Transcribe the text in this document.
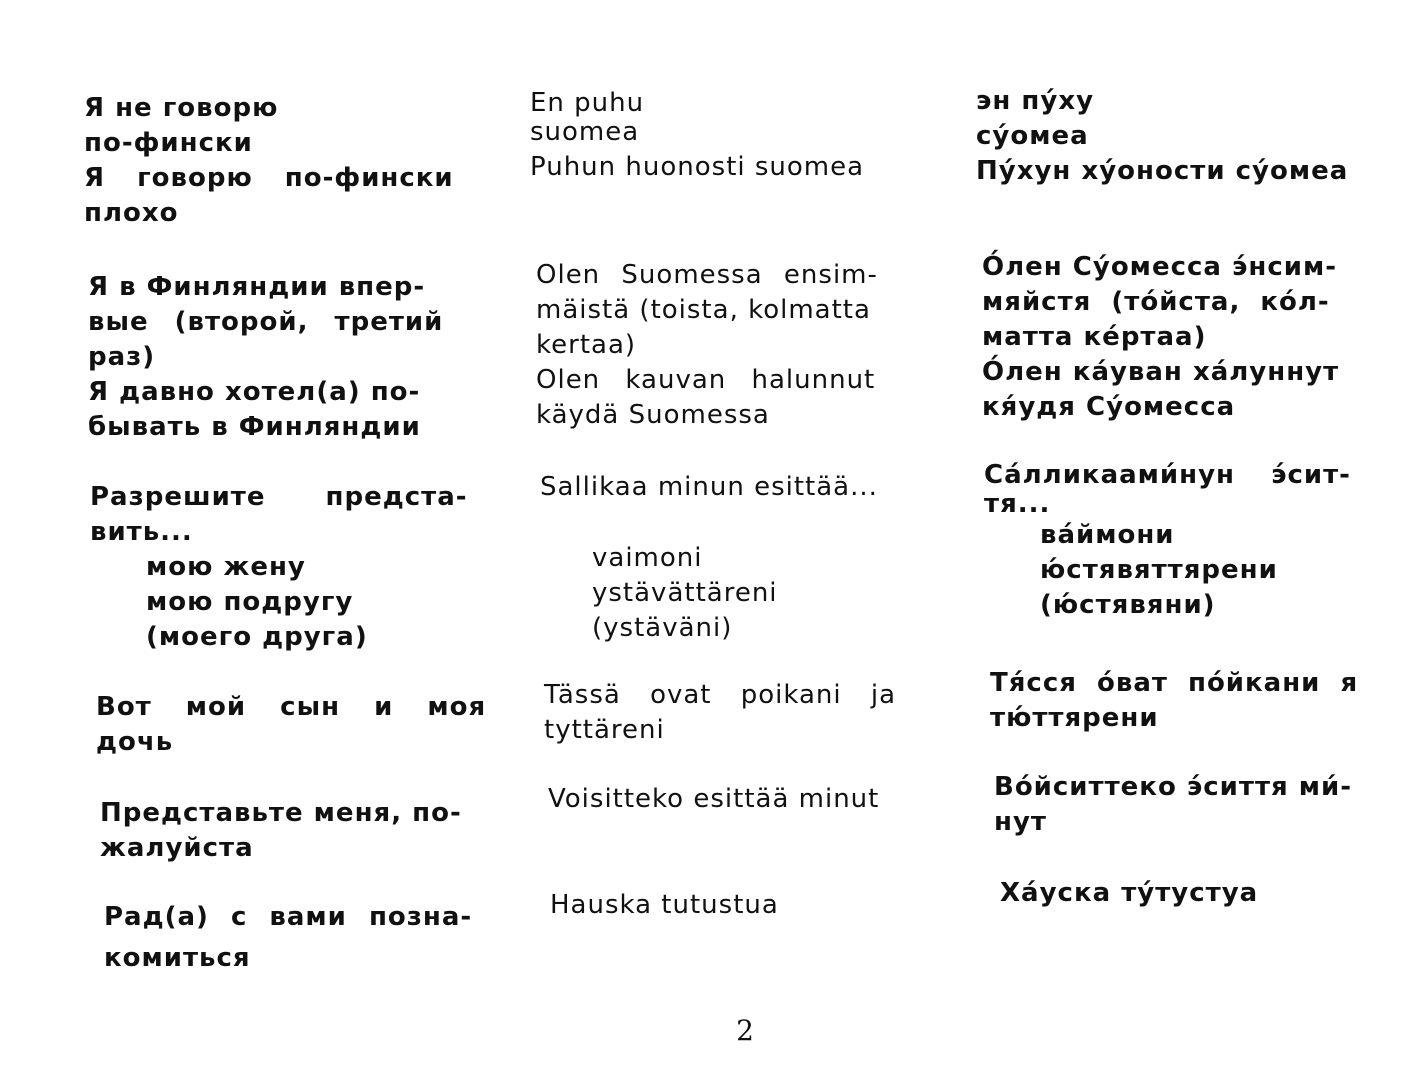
Я не говорю
по-фински
Я говорю по-фински
плохо
En puhu
suomea
Puhun huonosti suomea
эн пу́ху
су́омеа
Пу́хун ху́оности су́омеа
Я в Финляндии впер-
вые (второй, третий
раз)
Я давно хотел(а) по-
бывать в Финляндии
Olen Suomessa ensim-
mäistä (toista, kolmatta
kertaa)
Olen kauvan halunnut
käydä Suomessa
О́лен Су́омесса э́нсим-
мяйстя (то́йста, ко́л-
матта ке́ртаа)
О́лен ка́уван ха́луннут
кя́удя Су́омесса
Разрешите предста-
вить...
мою жену
мою подругу
(моего друга)
Sallikaa minun esittää...
vaimoni
ystävättäreni
(ystäväni)
Са́лликаами́нун э́сит-
тя...
ва́ймони
ю́стявяттярени
(ю́стявяни)
Вот мой сын и моя
дочь
Tässä ovat poikani ja
tyttäreni
Тя́сся о́ват по́йкани я
тю́ттярени
Представьте меня, по-
жалуйста
Voisitteko esittää minut	Во́йситтеко э́сиття ми́-
нут
Рад(а) с вами позна-
комиться
Hauska tutustua	Ха́уска ту́тустуа
2
